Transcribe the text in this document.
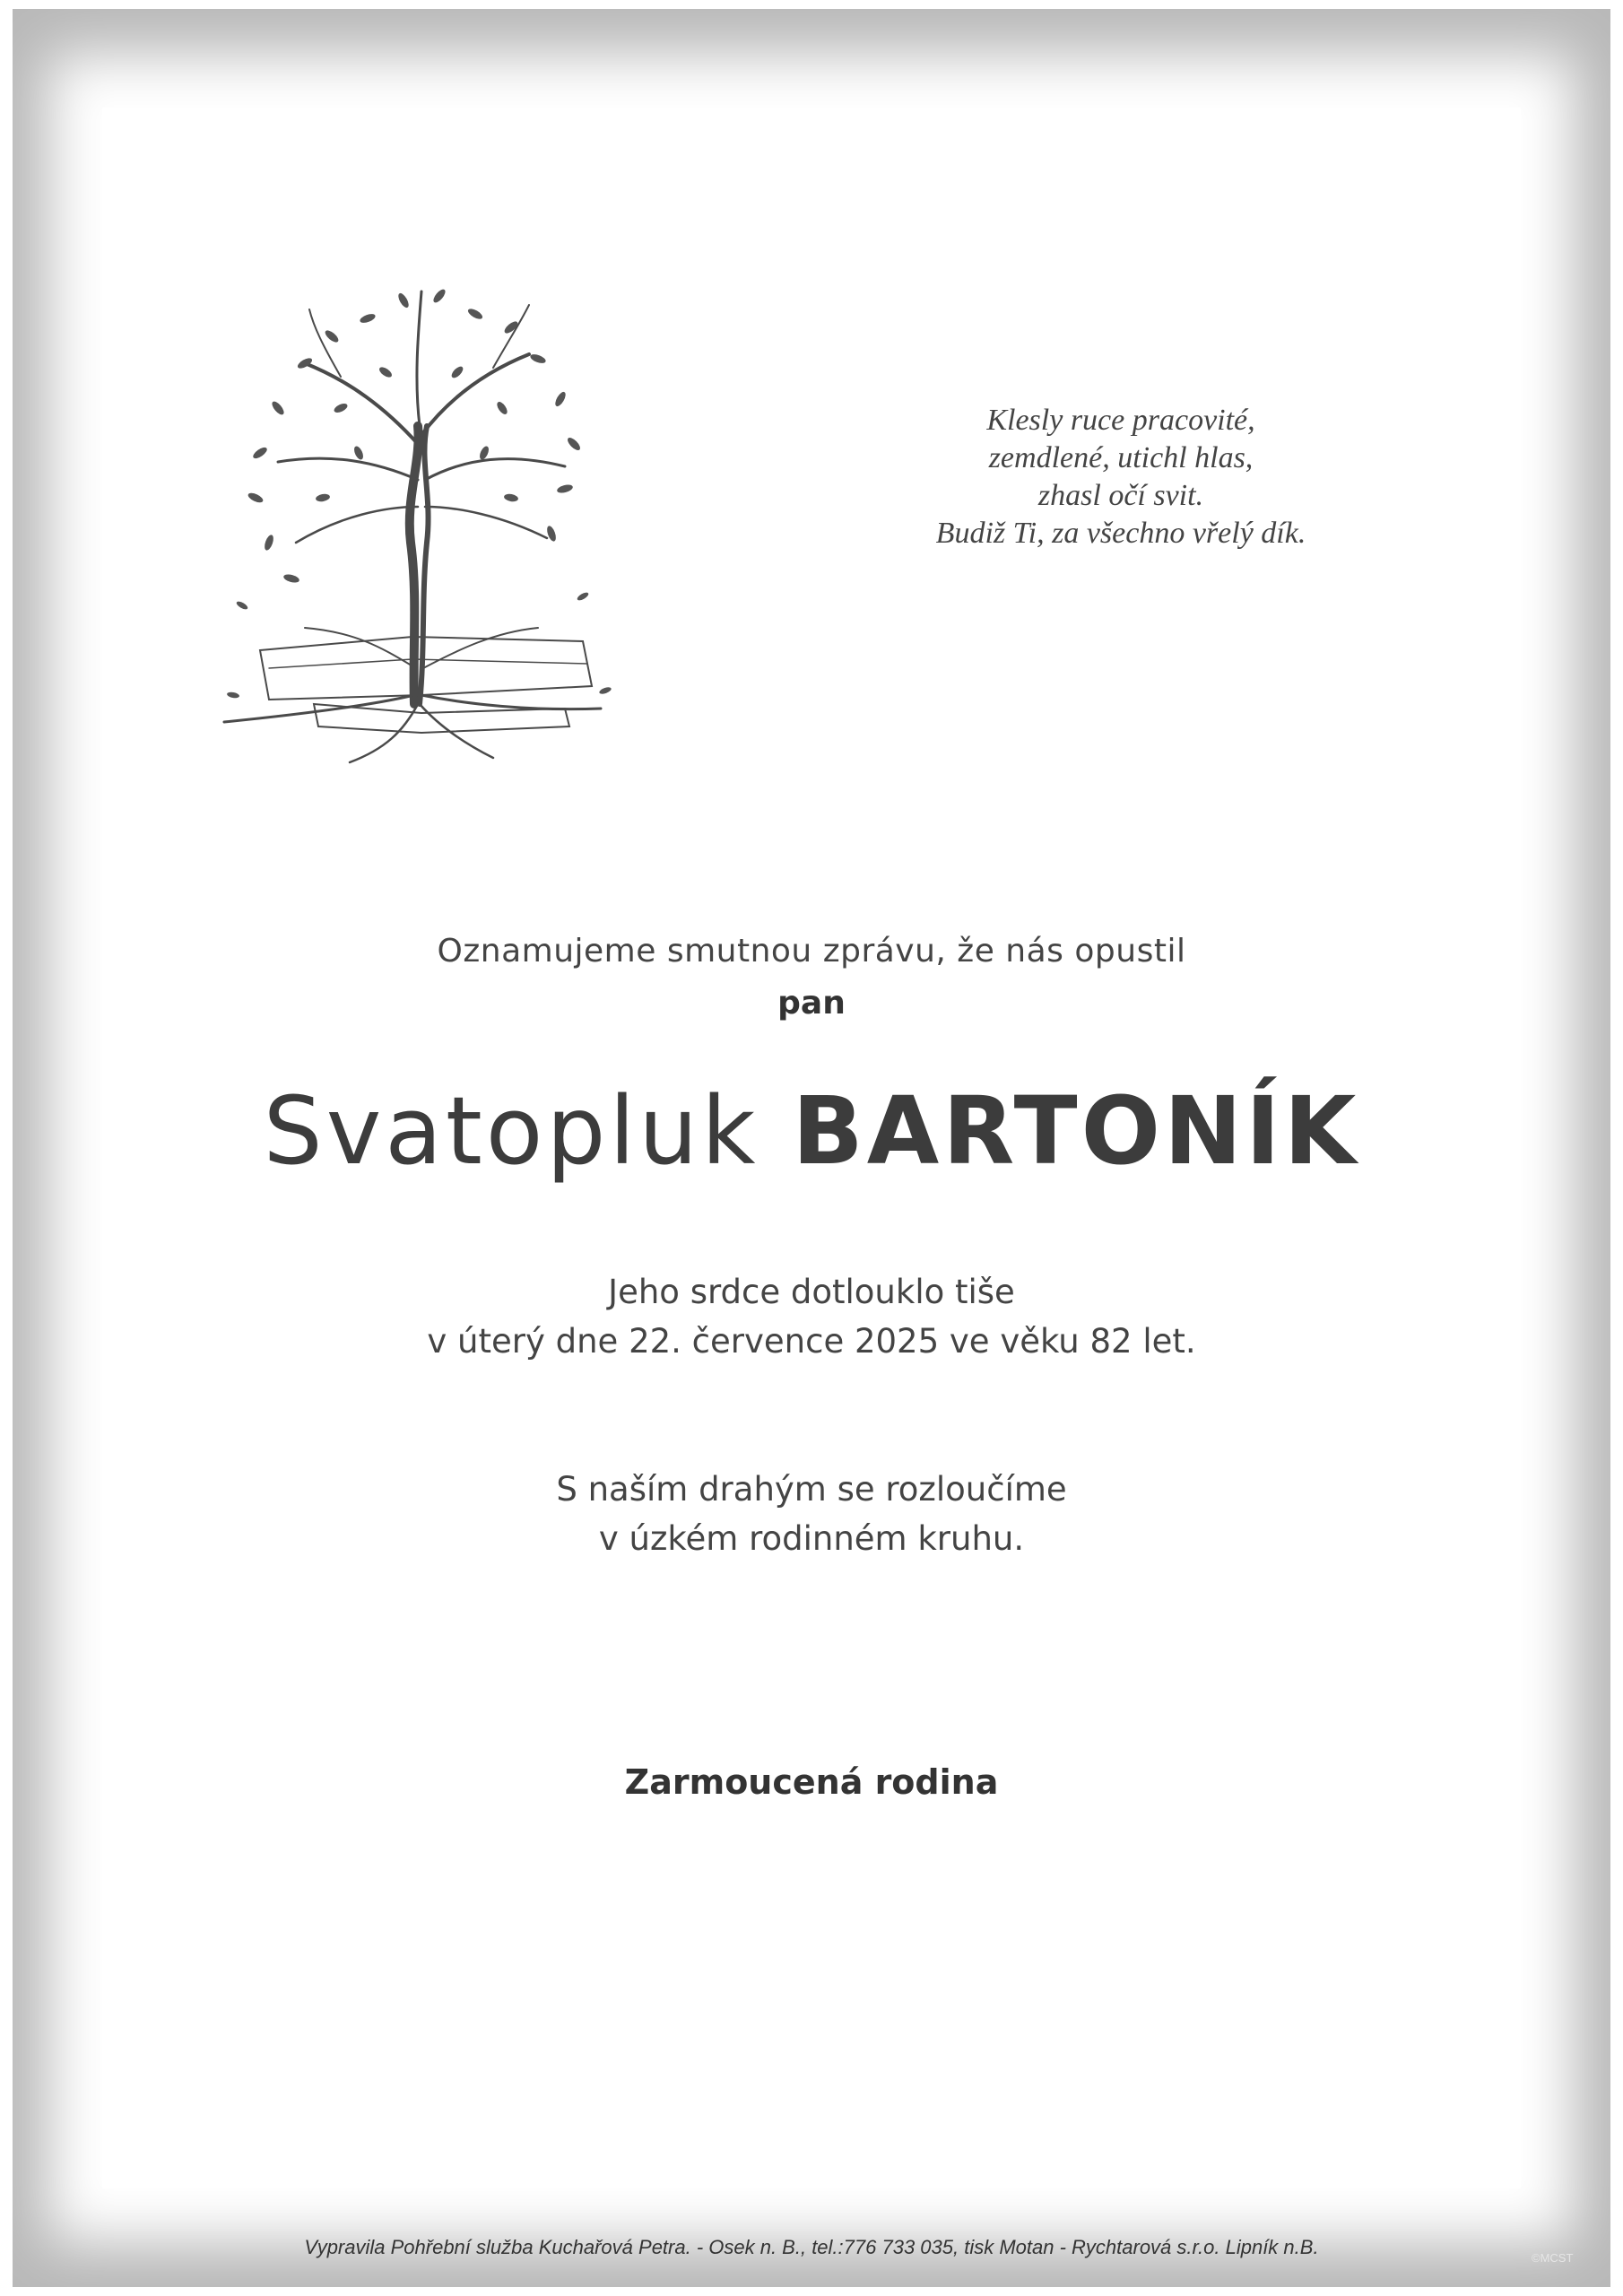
Klesly ruce pracovité,
zemdlené, utichl hlas,
zhasl očí svit.
Budiž Ti, za všechno vřelý dík.
Oznamujeme smutnou zprávu, že nás opustil
pan
Svatopluk BARTONÍK
Jeho srdce dotlouklo tiše
v úterý dne 22. července 2025 ve věku 82 let.
S naším drahým se rozloučíme
v úzkém rodinném kruhu.
Zarmoucená rodina
Vypravila Pohřební služba Kuchařová Petra. - Osek n. B., tel.:776 733 035, tisk Motan - Rychtarová s.r.o. Lipník n.B.	©MCST
